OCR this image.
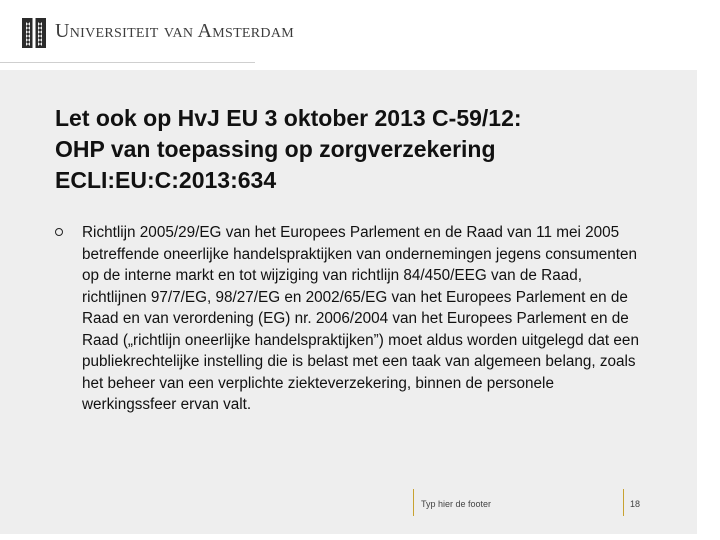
Universiteit van Amsterdam
Let ook op HvJ EU 3 oktober 2013 C-59/12:
OHP van toepassing op zorgverzekering
ECLI:EU:C:2013:634

Richtlijn 2005/29/EG van het Europees Parlement en de Raad van 11 mei 2005 betreffende oneerlijke handelspraktijken van ondernemingen jegens consumenten op de interne markt en tot wijziging van richtlijn 84/450/EEG van de Raad, richtlijnen 97/7/EG, 98/27/EG en 2002/65/EG van het Europees Parlement en de Raad en van verordening (EG) nr. 2006/2004 van het Europees Parlement en de Raad („richtlijn oneerlijke handelspraktijken”) moet aldus worden uitgelegd dat een publiekrechtelijke instelling die is belast met een taak van algemeen belang, zoals het beheer van een verplichte ziekteverzekering, binnen de personele werkingssfeer ervan valt.

Typ hier de footer	18
